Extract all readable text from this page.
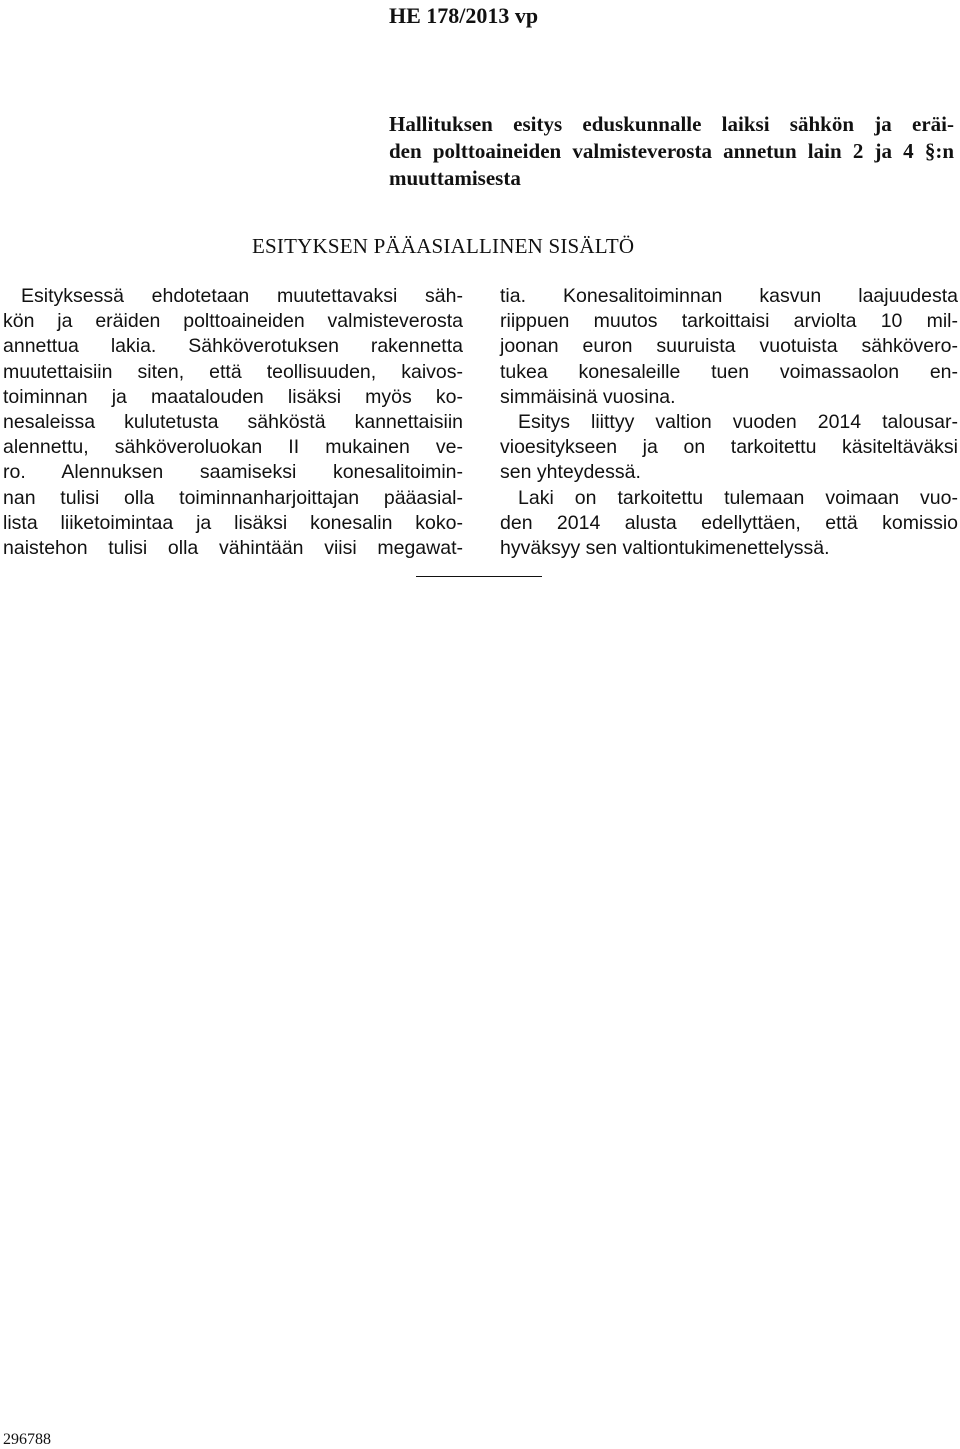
HE 178/2013 vp
Hallituksen esitys eduskunnalle laiksi sähkön ja eräi-
den polttoaineiden valmisteverosta annetun lain 2 ja 4 §:n
muuttamisesta
ESITYKSEN PÄÄASIALLINEN SISÄLTÖ
Esityksessä ehdotetaan muutettavaksi säh-
kön ja eräiden polttoaineiden valmisteverosta
annettua lakia. Sähköverotuksen rakennetta
muutettaisiin siten, että teollisuuden, kaivos-
toiminnan ja maatalouden lisäksi myös ko-
nesaleissa kulutetusta sähköstä kannettaisiin
alennettu, sähköveroluokan II mukainen ve-
ro. Alennuksen saamiseksi konesalitoimin-
nan tulisi olla toiminnanharjoittajan pääasial-
lista liiketoimintaa ja lisäksi konesalin koko-
naistehon tulisi olla vähintään viisi megawat-
tia. Konesalitoiminnan kasvun laajuudesta
riippuen muutos tarkoittaisi arviolta 10 mil-
joonan euron suuruista vuotuista sähkövero-
tukea konesaleille tuen voimassaolon en-
simmäisinä vuosina.
Esitys liittyy valtion vuoden 2014 talousar-
vioesitykseen ja on tarkoitettu käsiteltäväksi
sen yhteydessä.
Laki on tarkoitettu tulemaan voimaan vuo-
den 2014 alusta edellyttäen, että komissio
hyväksyy sen valtiontukimenettelyssä.
296788
